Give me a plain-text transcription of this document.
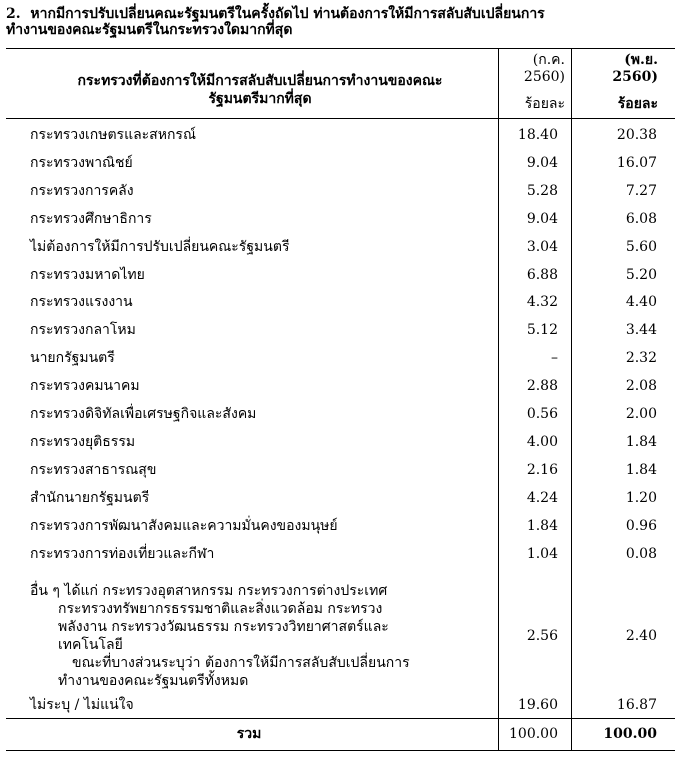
2. หากมีการปรับเปลี่ยนคณะรัฐมนตรีในครั้งถัดไป ท่านต้องการให้มีการสลับสับเปลี่ยนการ
ทำงานของคณะรัฐมนตรีในกระทรวงใดมากที่สุด
กระทรวงที่ต้องการให้มีการสลับสับเปลี่ยนการทำงานของคณะ
รัฐมนตรีมากที่สุด
(ก.ค.
2560)
ร้อยละ
(พ.ย.
2560)
ร้อยละ
กระทรวงเกษตรและสหกรณ์	18.40	20.38
กระทรวงพาณิชย์	9.04	16.07
กระทรวงการคลัง	5.28	7.27
กระทรวงศึกษาธิการ	9.04	6.08
ไม่ต้องการให้มีการปรับเปลี่ยนคณะรัฐมนตรี	3.04	5.60
กระทรวงมหาดไทย	6.88	5.20
กระทรวงแรงงาน	4.32	4.40
กระทรวงกลาโหม	5.12	3.44
นายกรัฐมนตรี	–	2.32
กระทรวงคมนาคม	2.88	2.08
กระทรวงดิจิทัลเพื่อเศรษฐกิจและสังคม	0.56	2.00
กระทรวงยุติธรรม	4.00	1.84
กระทรวงสาธารณสุข	2.16	1.84
สำนักนายกรัฐมนตรี	4.24	1.20
กระทรวงการพัฒนาสังคมและความมั่นคงของมนุษย์	1.84	0.96
กระทรวงการท่องเที่ยวและกีฬา	1.04	0.08
อื่น ๆ ได้แก่ กระทรวงอุตสาหกรรม กระทรวงการต่างประเทศ
กระทรวงทรัพยากรธรรมชาติและสิ่งแวดล้อม กระทรวง
พลังงาน กระทรวงวัฒนธรรม กระทรวงวิทยาศาสตร์และ
เทคโนโลยี
ขณะที่บางส่วนระบุว่า ต้องการให้มีการสลับสับเปลี่ยนการ
ทำงานของคณะรัฐมนตรีทั้งหมด
2.56	2.40
ไม่ระบุ / ไม่แน่ใจ	19.60	16.87
รวม	100.00	100.00
